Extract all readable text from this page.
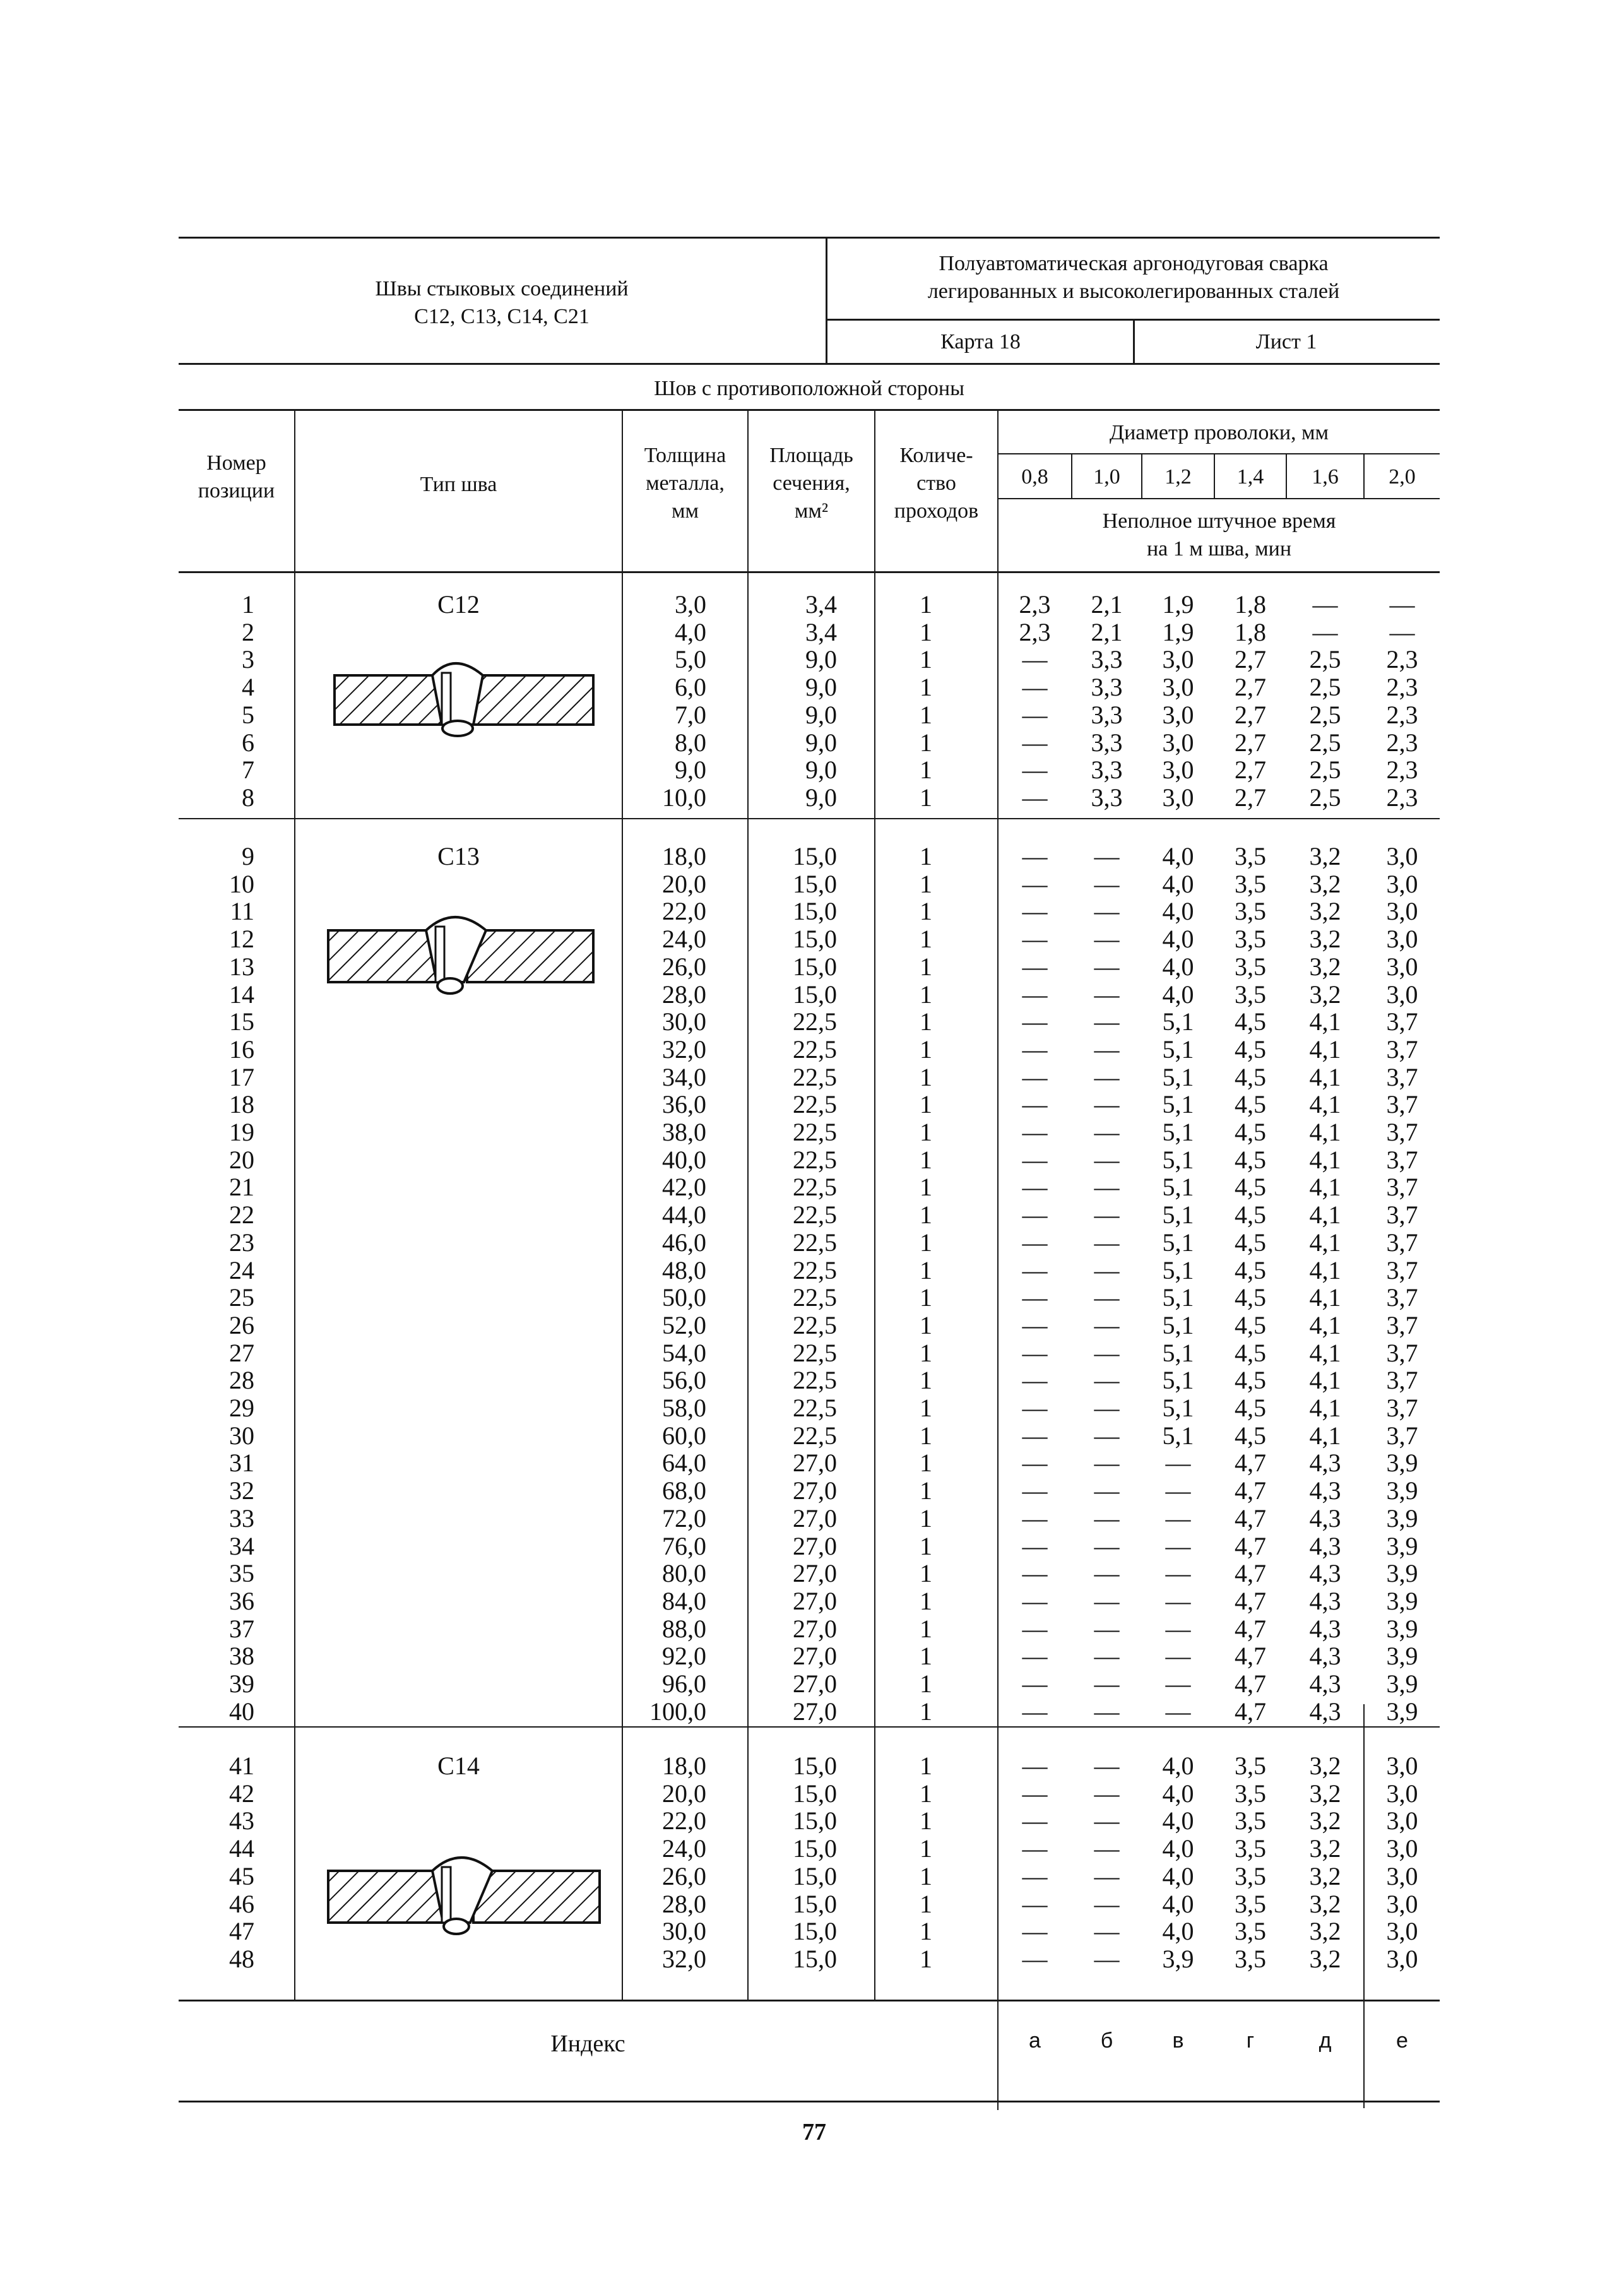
Швы стыковых соединений
С12, С13, С14, С21
Полуавтоматическая аргонодуговая сварка
легированных и высоколегированных сталей
Карта 18	Лист 1
Шов с противоположной стороны
Номер
позиции	Тип шва
Толщина
металла,
мм
Площадь
сечения,
мм²
Количе-
ство
проходов
Диаметр проволоки, мм
0,8	1,0	1,2	1,4	1,6	2,0
Неполное штучное время
на 1 м шва, мин
С12
1	3,0	3,4	1	2,3	2,1	1,9	1,8	—	—
2	4,0	3,4	1	2,3	2,1	1,9	1,8	—	—
3	5,0	9,0	1	—	3,3	3,0	2,7	2,5	2,3
4	6,0	9,0	1	—	3,3	3,0	2,7	2,5	2,3
5	7,0	9,0	1	—	3,3	3,0	2,7	2,5	2,3
6	8,0	9,0	1	—	3,3	3,0	2,7	2,5	2,3
7	9,0	9,0	1	—	3,3	3,0	2,7	2,5	2,3
8	10,0	9,0	1	—	3,3	3,0	2,7	2,5	2,3
С13
9	18,0	15,0	1	—	—	4,0	3,5	3,2	3,0
10	20,0	15,0	1	—	—	4,0	3,5	3,2	3,0
11	22,0	15,0	1	—	—	4,0	3,5	3,2	3,0
12	24,0	15,0	1	—	—	4,0	3,5	3,2	3,0
13	26,0	15,0	1	—	—	4,0	3,5	3,2	3,0
14	28,0	15,0	1	—	—	4,0	3,5	3,2	3,0
15	30,0	22,5	1	—	—	5,1	4,5	4,1	3,7
16	32,0	22,5	1	—	—	5,1	4,5	4,1	3,7
17	34,0	22,5	1	—	—	5,1	4,5	4,1	3,7
18	36,0	22,5	1	—	—	5,1	4,5	4,1	3,7
19	38,0	22,5	1	—	—	5,1	4,5	4,1	3,7
20	40,0	22,5	1	—	—	5,1	4,5	4,1	3,7
21	42,0	22,5	1	—	—	5,1	4,5	4,1	3,7
22	44,0	22,5	1	—	—	5,1	4,5	4,1	3,7
23	46,0	22,5	1	—	—	5,1	4,5	4,1	3,7
24	48,0	22,5	1	—	—	5,1	4,5	4,1	3,7
25	50,0	22,5	1	—	—	5,1	4,5	4,1	3,7
26	52,0	22,5	1	—	—	5,1	4,5	4,1	3,7
27	54,0	22,5	1	—	—	5,1	4,5	4,1	3,7
28	56,0	22,5	1	—	—	5,1	4,5	4,1	3,7
29	58,0	22,5	1	—	—	5,1	4,5	4,1	3,7
30	60,0	22,5	1	—	—	5,1	4,5	4,1	3,7
31	64,0	27,0	1	—	—	—	4,7	4,3	3,9
32	68,0	27,0	1	—	—	—	4,7	4,3	3,9
33	72,0	27,0	1	—	—	—	4,7	4,3	3,9
34	76,0	27,0	1	—	—	—	4,7	4,3	3,9
35	80,0	27,0	1	—	—	—	4,7	4,3	3,9
36	84,0	27,0	1	—	—	—	4,7	4,3	3,9
37	88,0	27,0	1	—	—	—	4,7	4,3	3,9
38	92,0	27,0	1	—	—	—	4,7	4,3	3,9
39	96,0	27,0	1	—	—	—	4,7	4,3	3,9
40	100,0	27,0	1	—	—	—	4,7	4,3	3,9
С14
41	18,0	15,0	1	—	—	4,0	3,5	3,2	3,0
42	20,0	15,0	1	—	—	4,0	3,5	3,2	3,0
43	22,0	15,0	1	—	—	4,0	3,5	3,2	3,0
44	24,0	15,0	1	—	—	4,0	3,5	3,2	3,0
45	26,0	15,0	1	—	—	4,0	3,5	3,2	3,0
46	28,0	15,0	1	—	—	4,0	3,5	3,2	3,0
47	30,0	15,0	1	—	—	4,0	3,5	3,2	3,0
48	32,0	15,0	1	—	—	3,9	3,5	3,2	3,0
Индекс	а	б	в	г	д	е
77
